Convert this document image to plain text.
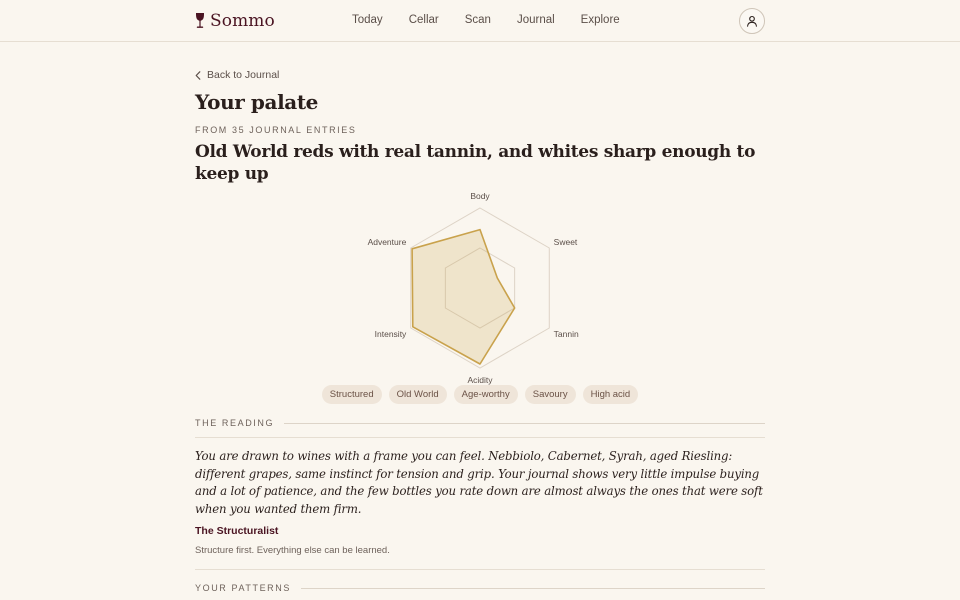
Sommo	Today Cellar Scan Journal Explore
Back to Journal
Your palate
FROM 35 JOURNAL ENTRIES
Old World reds with real tannin, and whites sharp enough to keep up
Body
Sweet
Tannin
Acidity
Intensity
Adventure
Structured	Old World	Age-worthy	Savoury	High acid
THE READING

You are drawn to wines with a frame you can feel. Nebbiolo, Cabernet, Syrah, aged Riesling: different grapes, same instinct for tension and grip. Your journal shows very little impulse buying and a lot of patience, and the few bottles you rate down are almost always the ones that were soft when you wanted them firm.

The Structuralist
Structure first. Everything else can be learned.
YOUR PATTERNS
